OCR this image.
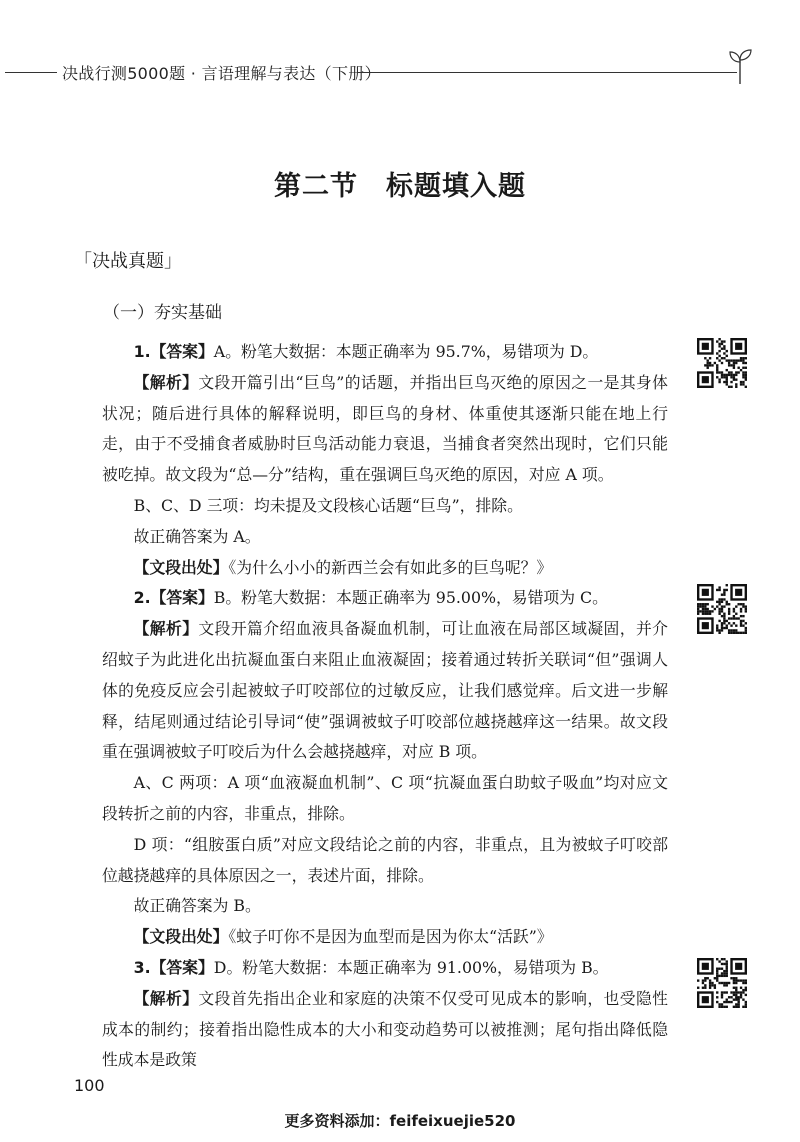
决战行测5000题 · 言语理解与表达（下册）
第二节　标题填入题
「决战真题」
（一）夯实基础

1.【答案】A。粉笔大数据：本题正确率为 95.7%，易错项为 D。

【解析】文段开篇引出“巨鸟”的话题，并指出巨鸟灭绝的原因之一是其身体状况；随后进行具体的解释说明，即巨鸟的身材、体重使其逐渐只能在地上行走，由于不受捕食者威胁时巨鸟活动能力衰退，当捕食者突然出现时，它们只能被吃掉。故文段为“总—分”结构，重在强调巨鸟灭绝的原因，对应 A 项。

B、C、D 三项：均未提及文段核心话题“巨鸟”，排除。

故正确答案为 A。

【文段出处】《为什么小小的新西兰会有如此多的巨鸟呢？》

2.【答案】B。粉笔大数据：本题正确率为 95.00%，易错项为 C。

【解析】文段开篇介绍血液具备凝血机制，可让血液在局部区域凝固，并介绍蚊子为此进化出抗凝血蛋白来阻止血液凝固；接着通过转折关联词“但”强调人体的免疫反应会引起被蚊子叮咬部位的过敏反应，让我们感觉痒。后文进一步解释，结尾则通过结论引导词“使”强调被蚊子叮咬部位越挠越痒这一结果。故文段重在强调被蚊子叮咬后为什么会越挠越痒，对应 B 项。

A、C 两项：A 项“血液凝血机制”、C 项“抗凝血蛋白助蚊子吸血”均对应文段转折之前的内容，非重点，排除。

D 项：“组胺蛋白质”对应文段结论之前的内容，非重点，且为被蚊子叮咬部位越挠越痒的具体原因之一，表述片面，排除。

故正确答案为 B。

【文段出处】《蚊子叮你不是因为血型而是因为你太“活跃”》

3.【答案】D。粉笔大数据：本题正确率为 91.00%，易错项为 B。

【解析】文段首先指出企业和家庭的决策不仅受可见成本的影响，也受隐性成本的制约；接着指出隐性成本的大小和变动趋势可以被推测；尾句指出降低隐性成本是政策

100
更多资料添加：feifeixuejie520
